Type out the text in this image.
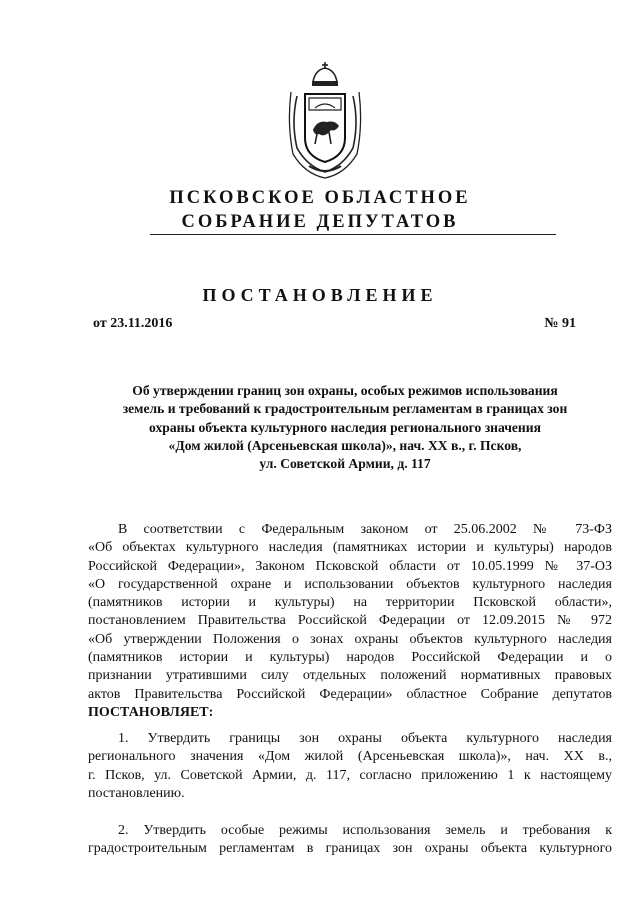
ПСКОВСКОЕ ОБЛАСТНОЕ
СОБРАНИЕ ДЕПУТАТОВ
ПОСТАНОВЛЕНИЕ
от 23.11.2016	№ 91
Об утверждении границ зон охраны, особых режимов использования
земель и требований к градостроительным регламентам в границах зон
охраны объекта культурного наследия регионального значения
«Дом жилой (Арсеньевская школа)», нач. XX в., г. Псков,
ул. Советской Армии, д. 117
В соответствии с Федеральным законом от 25.06.2002 № 73-ФЗ
«Об объектах культурного наследия (памятниках истории и культуры) народов
Российской Федерации», Законом Псковской области от 10.05.1999 № 37-ОЗ
«О государственной охране и использовании объектов культурного наследия
(памятников истории и культуры) на территории Псковской области»,
постановлением Правительства Российской Федерации от 12.09.2015 № 972
«Об утверждении Положения о зонах охраны объектов культурного наследия
(памятников истории и культуры) народов Российской Федерации и о
признании утратившими силу отдельных положений нормативных правовых
актов Правительства Российской Федерации» областное Собрание депутатов
ПОСТАНОВЛЯЕТ:
1. Утвердить границы зон охраны объекта культурного наследия
регионального значения «Дом жилой (Арсеньевская школа)», нач. XX в.,
г. Псков, ул. Советской Армии, д. 117, согласно приложению 1 к настоящему
постановлению.
2. Утвердить особые режимы использования земель и требования к
градостроительным регламентам в границах зон охраны объекта культурного
